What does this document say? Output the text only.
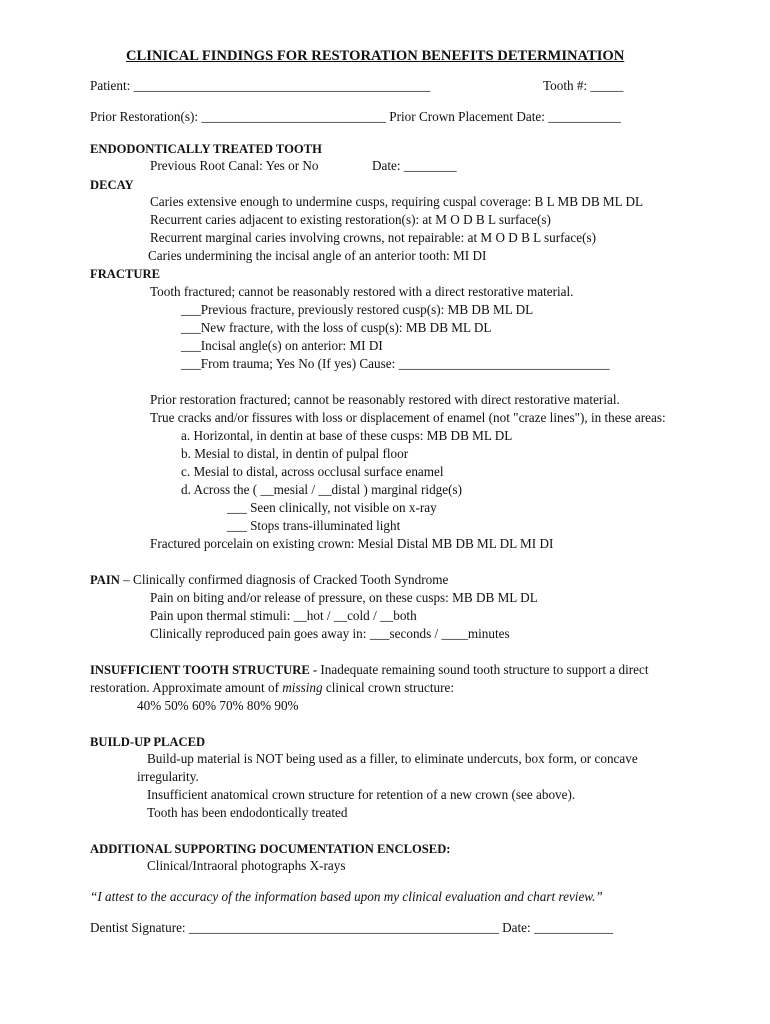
CLINICAL FINDINGS FOR RESTORATION BENEFITS DETERMINATION
Patient: _____________________________________________	Tooth #: _____
Prior Restoration(s): ____________________________ Prior Crown Placement Date: ___________
ENDODONTICALLY TREATED TOOTH
Previous Root Canal: Yes or No	Date: ________
DECAY
Caries extensive enough to undermine cusps, requiring cuspal coverage: B L MB DB ML DL
Recurrent caries adjacent to existing restoration(s): at M O D B L surface(s)
Recurrent marginal caries involving crowns, not repairable: at M O D B L surface(s)
Caries undermining the incisal angle of an anterior tooth: MI DI
FRACTURE
Tooth fractured; cannot be reasonably restored with a direct restorative material.
___Previous fracture, previously restored cusp(s): MB DB ML DL
___New fracture, with the loss of cusp(s): MB DB ML DL
___Incisal angle(s) on anterior: MI DI
___From trauma; Yes No (If yes) Cause: ________________________________
Prior restoration fractured; cannot be reasonably restored with direct restorative material.
True cracks and/or fissures with loss or displacement of enamel (not "craze lines"), in these areas:
a. Horizontal, in dentin at base of these cusps: MB DB ML DL
b. Mesial to distal, in dentin of pulpal floor
c. Mesial to distal, across occlusal surface enamel
d. Across the ( __mesial / __distal ) marginal ridge(s)
___ Seen clinically, not visible on x-ray
___ Stops trans-illuminated light
Fractured porcelain on existing crown: Mesial Distal MB DB ML DL MI DI
PAIN – Clinically confirmed diagnosis of Cracked Tooth Syndrome
Pain on biting and/or release of pressure, on these cusps: MB DB ML DL
Pain upon thermal stimuli: __hot / __cold / __both
Clinically reproduced pain goes away in: ___seconds / ____minutes
INSUFFICIENT TOOTH STRUCTURE - Inadequate remaining sound tooth structure to support a direct
restoration. Approximate amount of missing clinical crown structure:
40% 50% 60% 70% 80% 90%
BUILD-UP PLACED
Build-up material is NOT being used as a filler, to eliminate undercuts, box form, or concave
irregularity.
Insufficient anatomical crown structure for retention of a new crown (see above).
Tooth has been endodontically treated
ADDITIONAL SUPPORTING DOCUMENTATION ENCLOSED:
Clinical/Intraoral photographs X-rays
“I attest to the accuracy of the information based upon my clinical evaluation and chart review.”
Dentist Signature: _______________________________________________ Date: ____________
